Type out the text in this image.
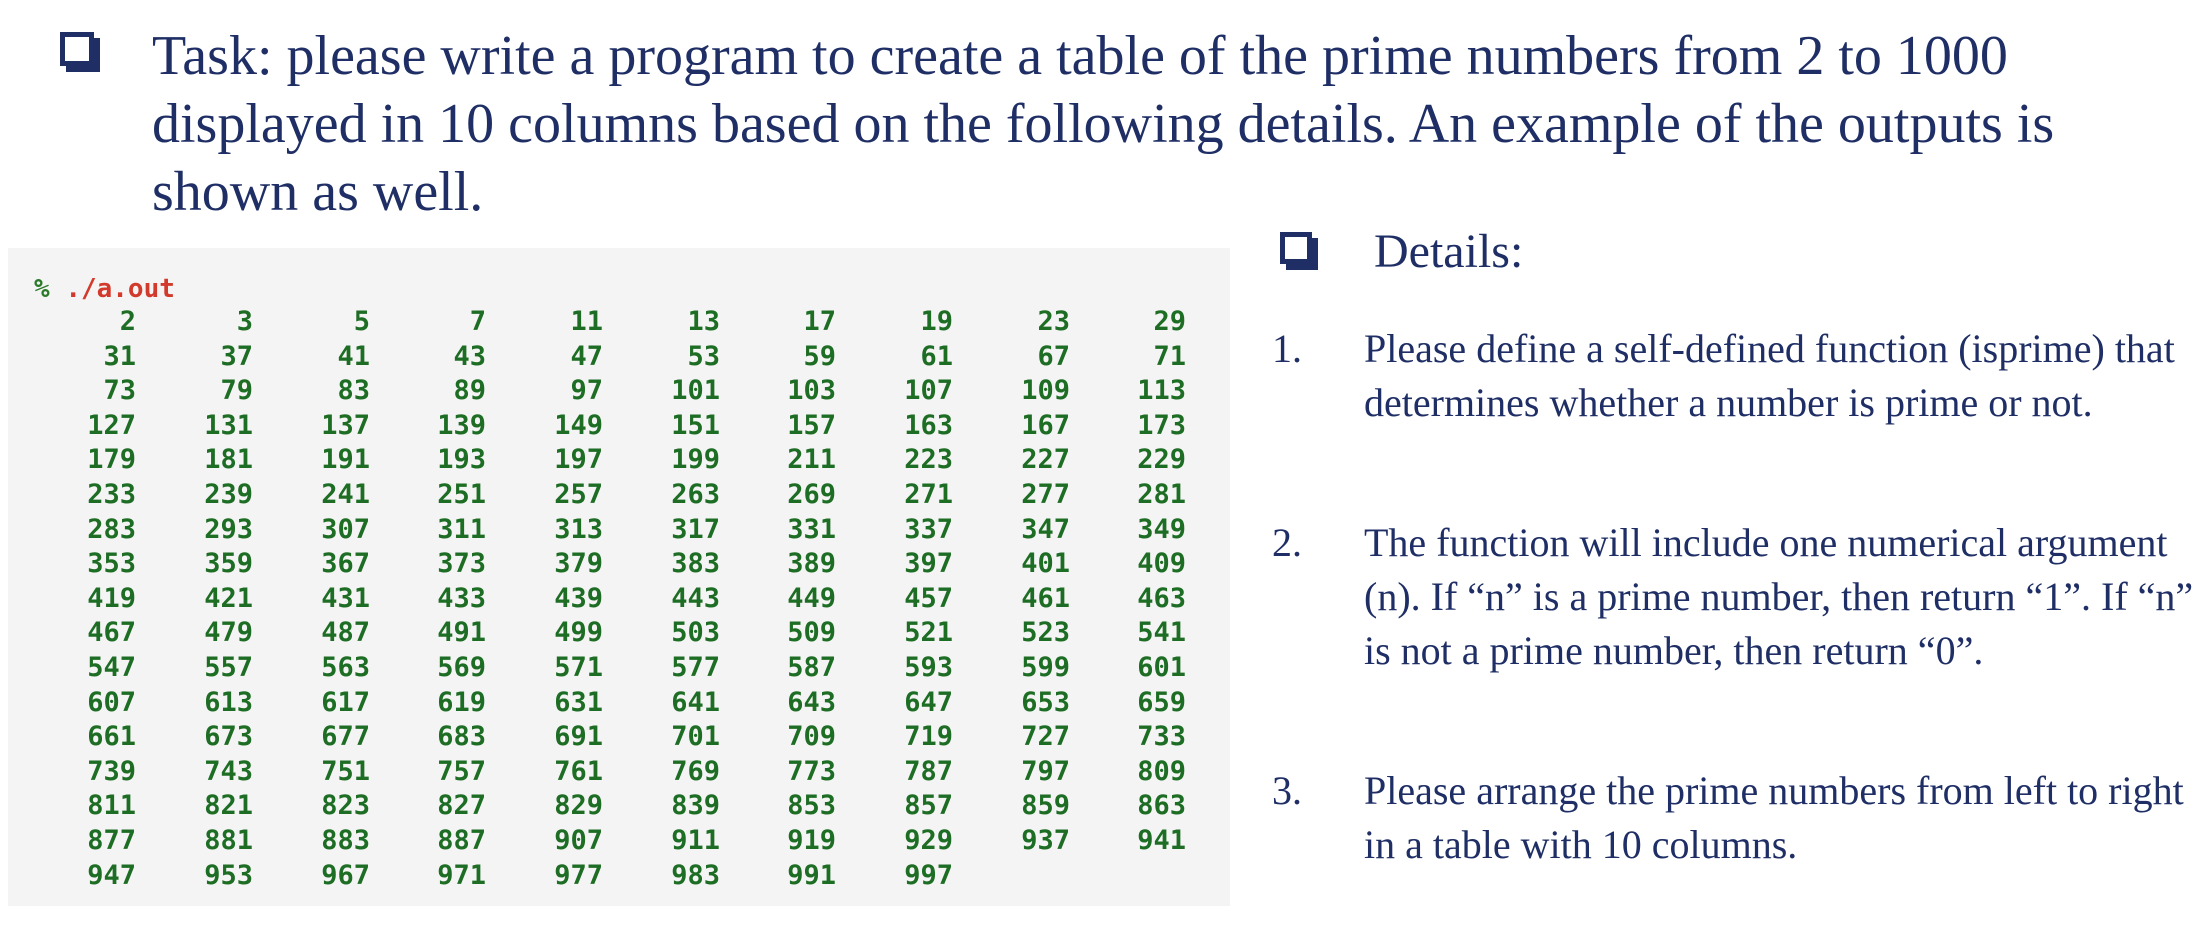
Task: please write a program to create a table of the prime numbers from 2 to 1000 displayed in 10 columns based on the following details. An example of the outputs is shown as well.

% ./a.out

2	3	5	7	11	13	17	19	23	29
31	37	41	43	47	53	59	61	67	71
73	79	83	89	97	101	103	107	109	113
127	131	137	139	149	151	157	163	167	173
179	181	191	193	197	199	211	223	227	229
233	239	241	251	257	263	269	271	277	281
283	293	307	311	313	317	331	337	347	349
353	359	367	373	379	383	389	397	401	409
419	421	431	433	439	443	449	457	461	463
467	479	487	491	499	503	509	521	523	541
547	557	563	569	571	577	587	593	599	601
607	613	617	619	631	641	643	647	653	659
661	673	677	683	691	701	709	719	727	733
739	743	751	757	761	769	773	787	797	809
811	821	823	827	829	839	853	857	859	863
877	881	883	887	907	911	919	929	937	941
947	953	967	971	977	983	991	997
Details:
1. Please define a self-defined function (isprime) that determines whether a number is prime or not.

2. The function will include one numerical argument (n). If “n” is a prime number, then return “1”. If “n” is not a prime number, then return “0”.

3. Please arrange the prime numbers from left to right in a table with 10 columns.
